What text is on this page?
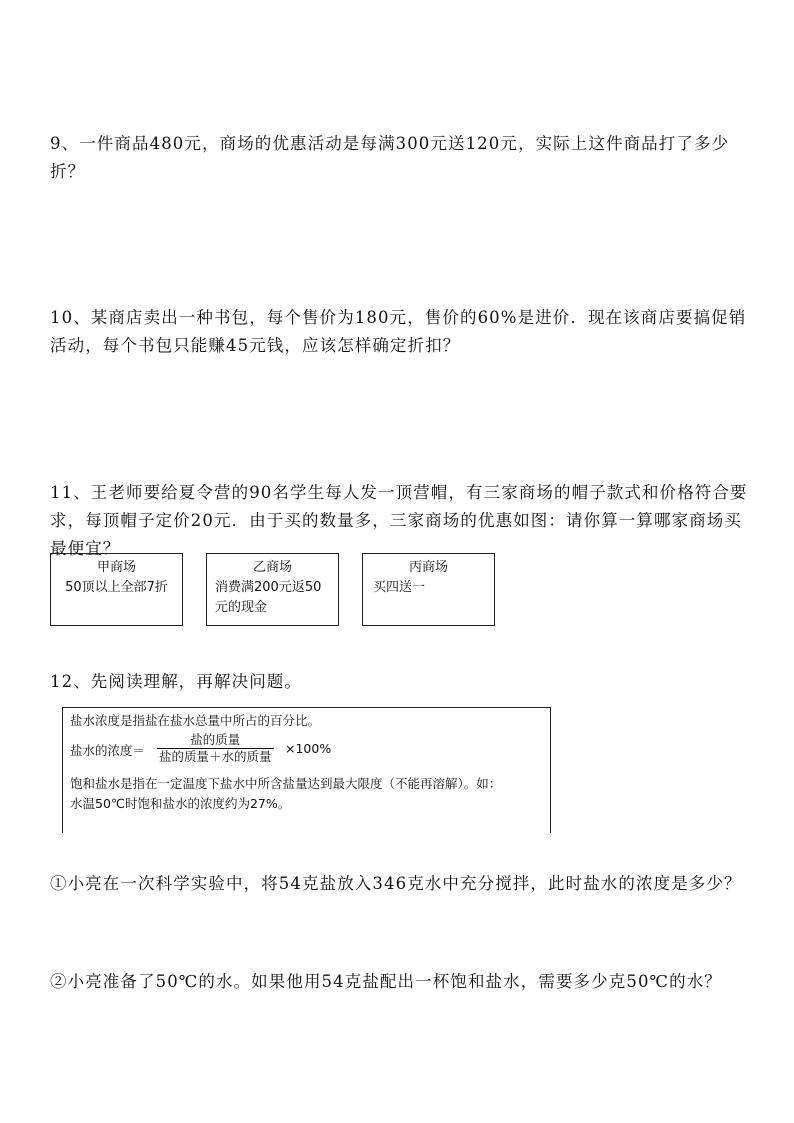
9、一件商品480元，商场的优惠活动是每满300元送120元，实际上这件商品打了多少折？

10、某商店卖出一种书包，每个售价为180元，售价的60%是进价．现在该商店要搞促销活动，每个书包只能赚45元钱，应该怎样确定折扣？

11、王老师要给夏令营的90名学生每人发一顶营帽，有三家商场的帽子款式和价格符合要求，每顶帽子定价20元．由于买的数量多，三家商场的优惠如图：请你算一算哪家商场买最便宜？

甲商场
50顶以上全部7折
乙商场
消费满200元返50元的现金
丙商场
买四送一

12、先阅读理解，再解决问题。

盐水浓度是指盐在盐水总量中所占的百分比。
盐水的浓度＝
盐的质量
盐的质量＋水的质量
×100%
饱和盐水是指在一定温度下盐水中所含盐量达到最大限度（不能再溶解）。如：
水温50℃时饱和盐水的浓度约为27%。

①小亮在一次科学实验中，将54克盐放入346克水中充分搅拌，此时盐水的浓度是多少？

②小亮准备了50℃的水。如果他用54克盐配出一杯饱和盐水，需要多少克50℃的水？
